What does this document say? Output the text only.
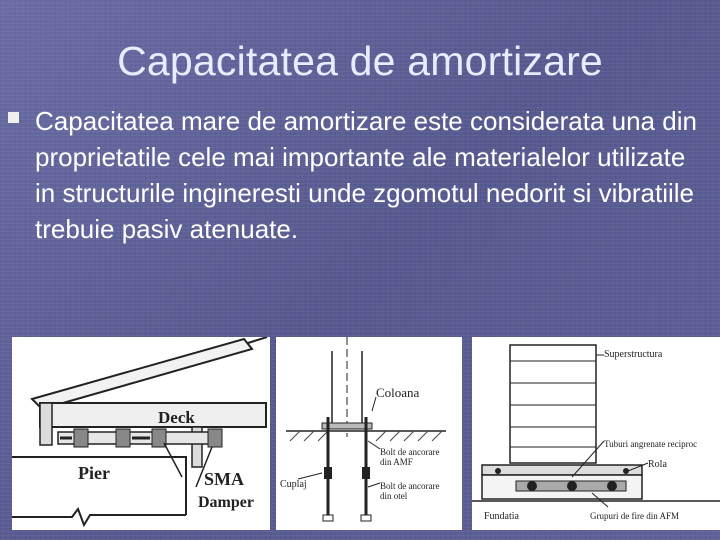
Capacitatea de amortizare
Capacitatea mare de amortizare este considerata una din proprietatile cele mai importante ale materialelor utilizate in structurile ingineresti unde zgomotul nedorit si vibratiile trebuie pasiv atenuate.
Deck
Pier	SMA
Damper
Coloana
Bolt de ancorare
din AMF
Cuplaj	Bolt de ancorare
din otel
Superstructura
Tuburi angrenate reciproc
Rola
Fundatia	Grupuri de fire din AFM
